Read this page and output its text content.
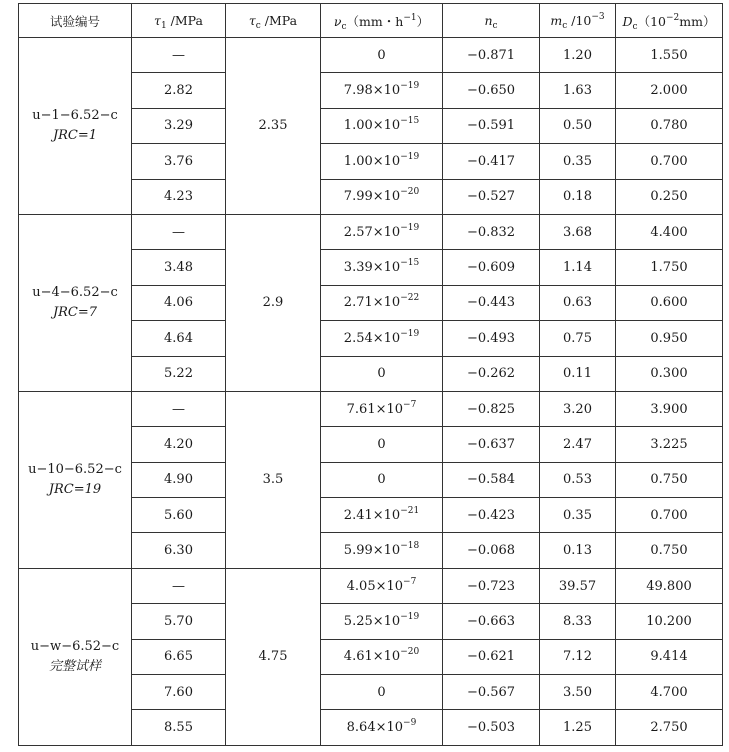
试验编号	$\tau_1$ /MPa	$\tau_c$ /MPa	$\nu_c(mm$・$h^{-1}$）	$n_c$	$m_c$ $/10^{-3}$	$D_c(10^{-2}mm)$
u−1−6.52−c
JRC=1	—	2.35	0	−0.871	1.20	1.550
	2.82		$7.98\times 10^{-19}$	−0.650	1.63	2.000
	3.29		$1.00\times 10^{-15}$	−0.591	0.50	0.780
	3.76		$1.00\times 10^{-19}$	−0.417	0.35	0.700
	4.23		$7.99\times 10^{-20}$	−0.527	0.18	0.250
u−4−6.52−c
JRC=7	—	2.9	$2.57\times 10^{-19}$	−0.832	3.68	4.400
	3.48		$3.39\times 10^{-15}$	−0.609	1.14	1.750
	4.06		$2.71\times 10^{-22}$	−0.443	0.63	0.600
	4.64		$2.54\times 10^{-19}$	−0.493	0.75	0.950
	5.22		0	−0.262	0.11	0.300
u−10−6.52−c
JRC=19	—	3.5	$7.61\times 10^{-7}$	−0.825	3.20	3.900
	4.20		0	−0.637	2.47	3.225
	4.90		0	−0.584	0.53	0.750
	5.60		$2.41\times 10^{-21}$	−0.423	0.35	0.700
	6.30		$5.99\times 10^{-18}$	−0.068	0.13	0.750
u−w−6.52−c
完整试样	—	4.75	$4.05\times 10^{-7}$	−0.723	39.57	49.800
	5.70		$5.25\times 10^{-19}$	−0.663	8.33	10.200
	6.65		$4.61\times 10^{-20}$	−0.621	7.12	9.414
	7.60		0	−0.567	3.50	4.700
	8.55		$8.64\times 10^{-9}$	−0.503	1.25	2.750
